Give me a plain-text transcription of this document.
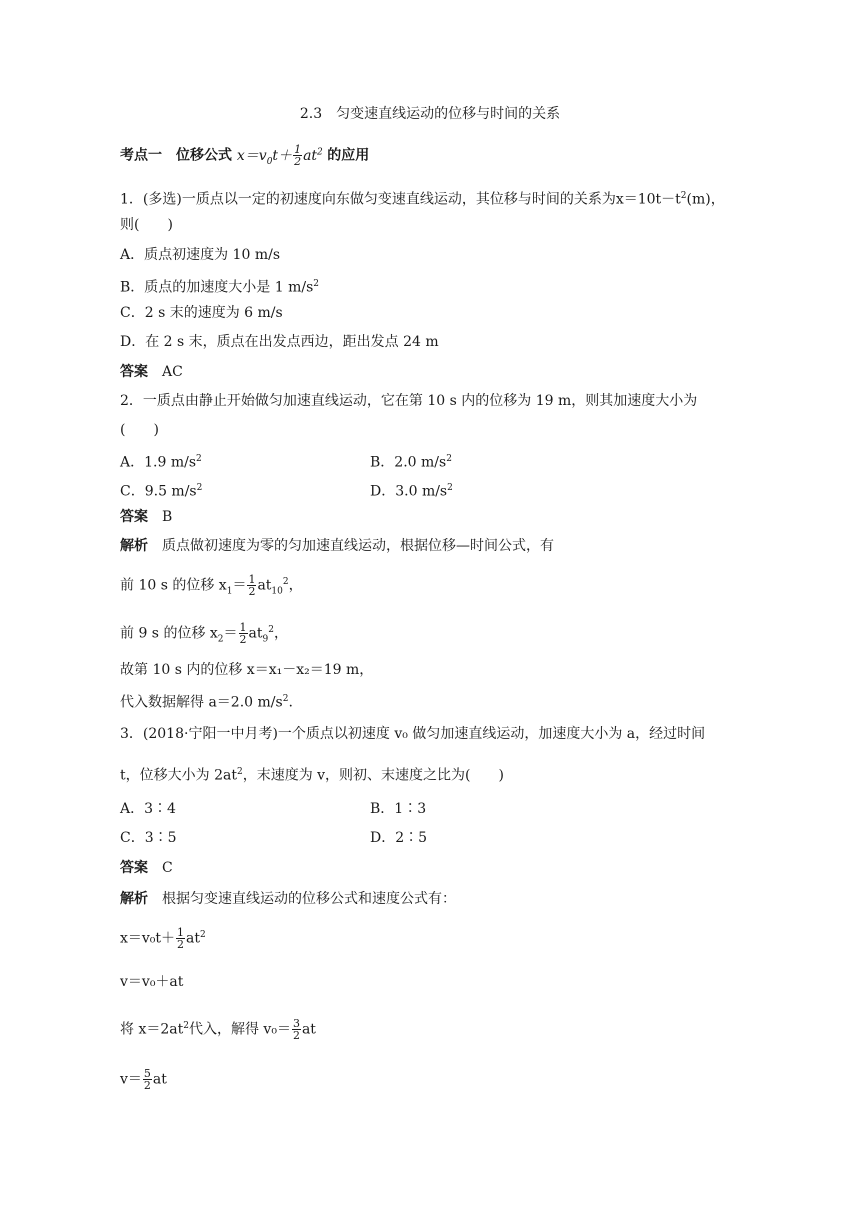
2.3　匀变速直线运动的位移与时间的关系
考点一　位移公式 $x=v_0t+ \frac{1}{2} at^2$ 的应用
1．(多选)一质点以一定的初速度向东做匀变速直线运动，其位移与时间的关系为$x=10t-t^2(m)$，
则(　　)
A．质点初速度为 10 m/s
B．质点的加速度大小是 1 $m/s^2$
C．2 s 末的速度为 6 m/s
D．在 2 s 末，质点在出发点西边，距出发点 24 m
答案　 AC
2．一质点由静止开始做匀加速直线运动，它在第 10 s 内的位移为 19 m，则其加速度大小为
(　　)
A．1.9 $m/s^2$	B．2.0 $m/s^2$
C．9.5 $m/s^2$	D．3.0 $m/s^2$
答案　 B
解析　 质点做初速度为零的匀加速直线运动，根据位移—时间公式，有
前 10 s 的位移 $x_1= \frac{1}{2} at_{10}^2$，
前 9 s 的位移 $x_2= \frac{1}{2} at_9^2$，
故第 10 s 内的位移 x＝x₁－x₂＝19 m，
代入数据解得 a＝2.0 $m/s^2$.
3．(2018·宁阳一中月考)一个质点以初速度 v₀ 做匀加速直线运动，加速度大小为 a，经过时间
t，位移大小为 $2at^2$，末速度为 v，则初、末速度之比为(　　)
A．3∶4	B．1∶3
C．3∶5	D．2∶5
答案　 C
解析　 根据匀变速直线运动的位移公式和速度公式有：
$x=v_0t+ \frac{1}{2} at^2$
v＝v₀＋at
将 $x=2at^2$代入，解得 $v_0= \frac{3}{2}$ at
$v= \frac{5}{2}$ at
